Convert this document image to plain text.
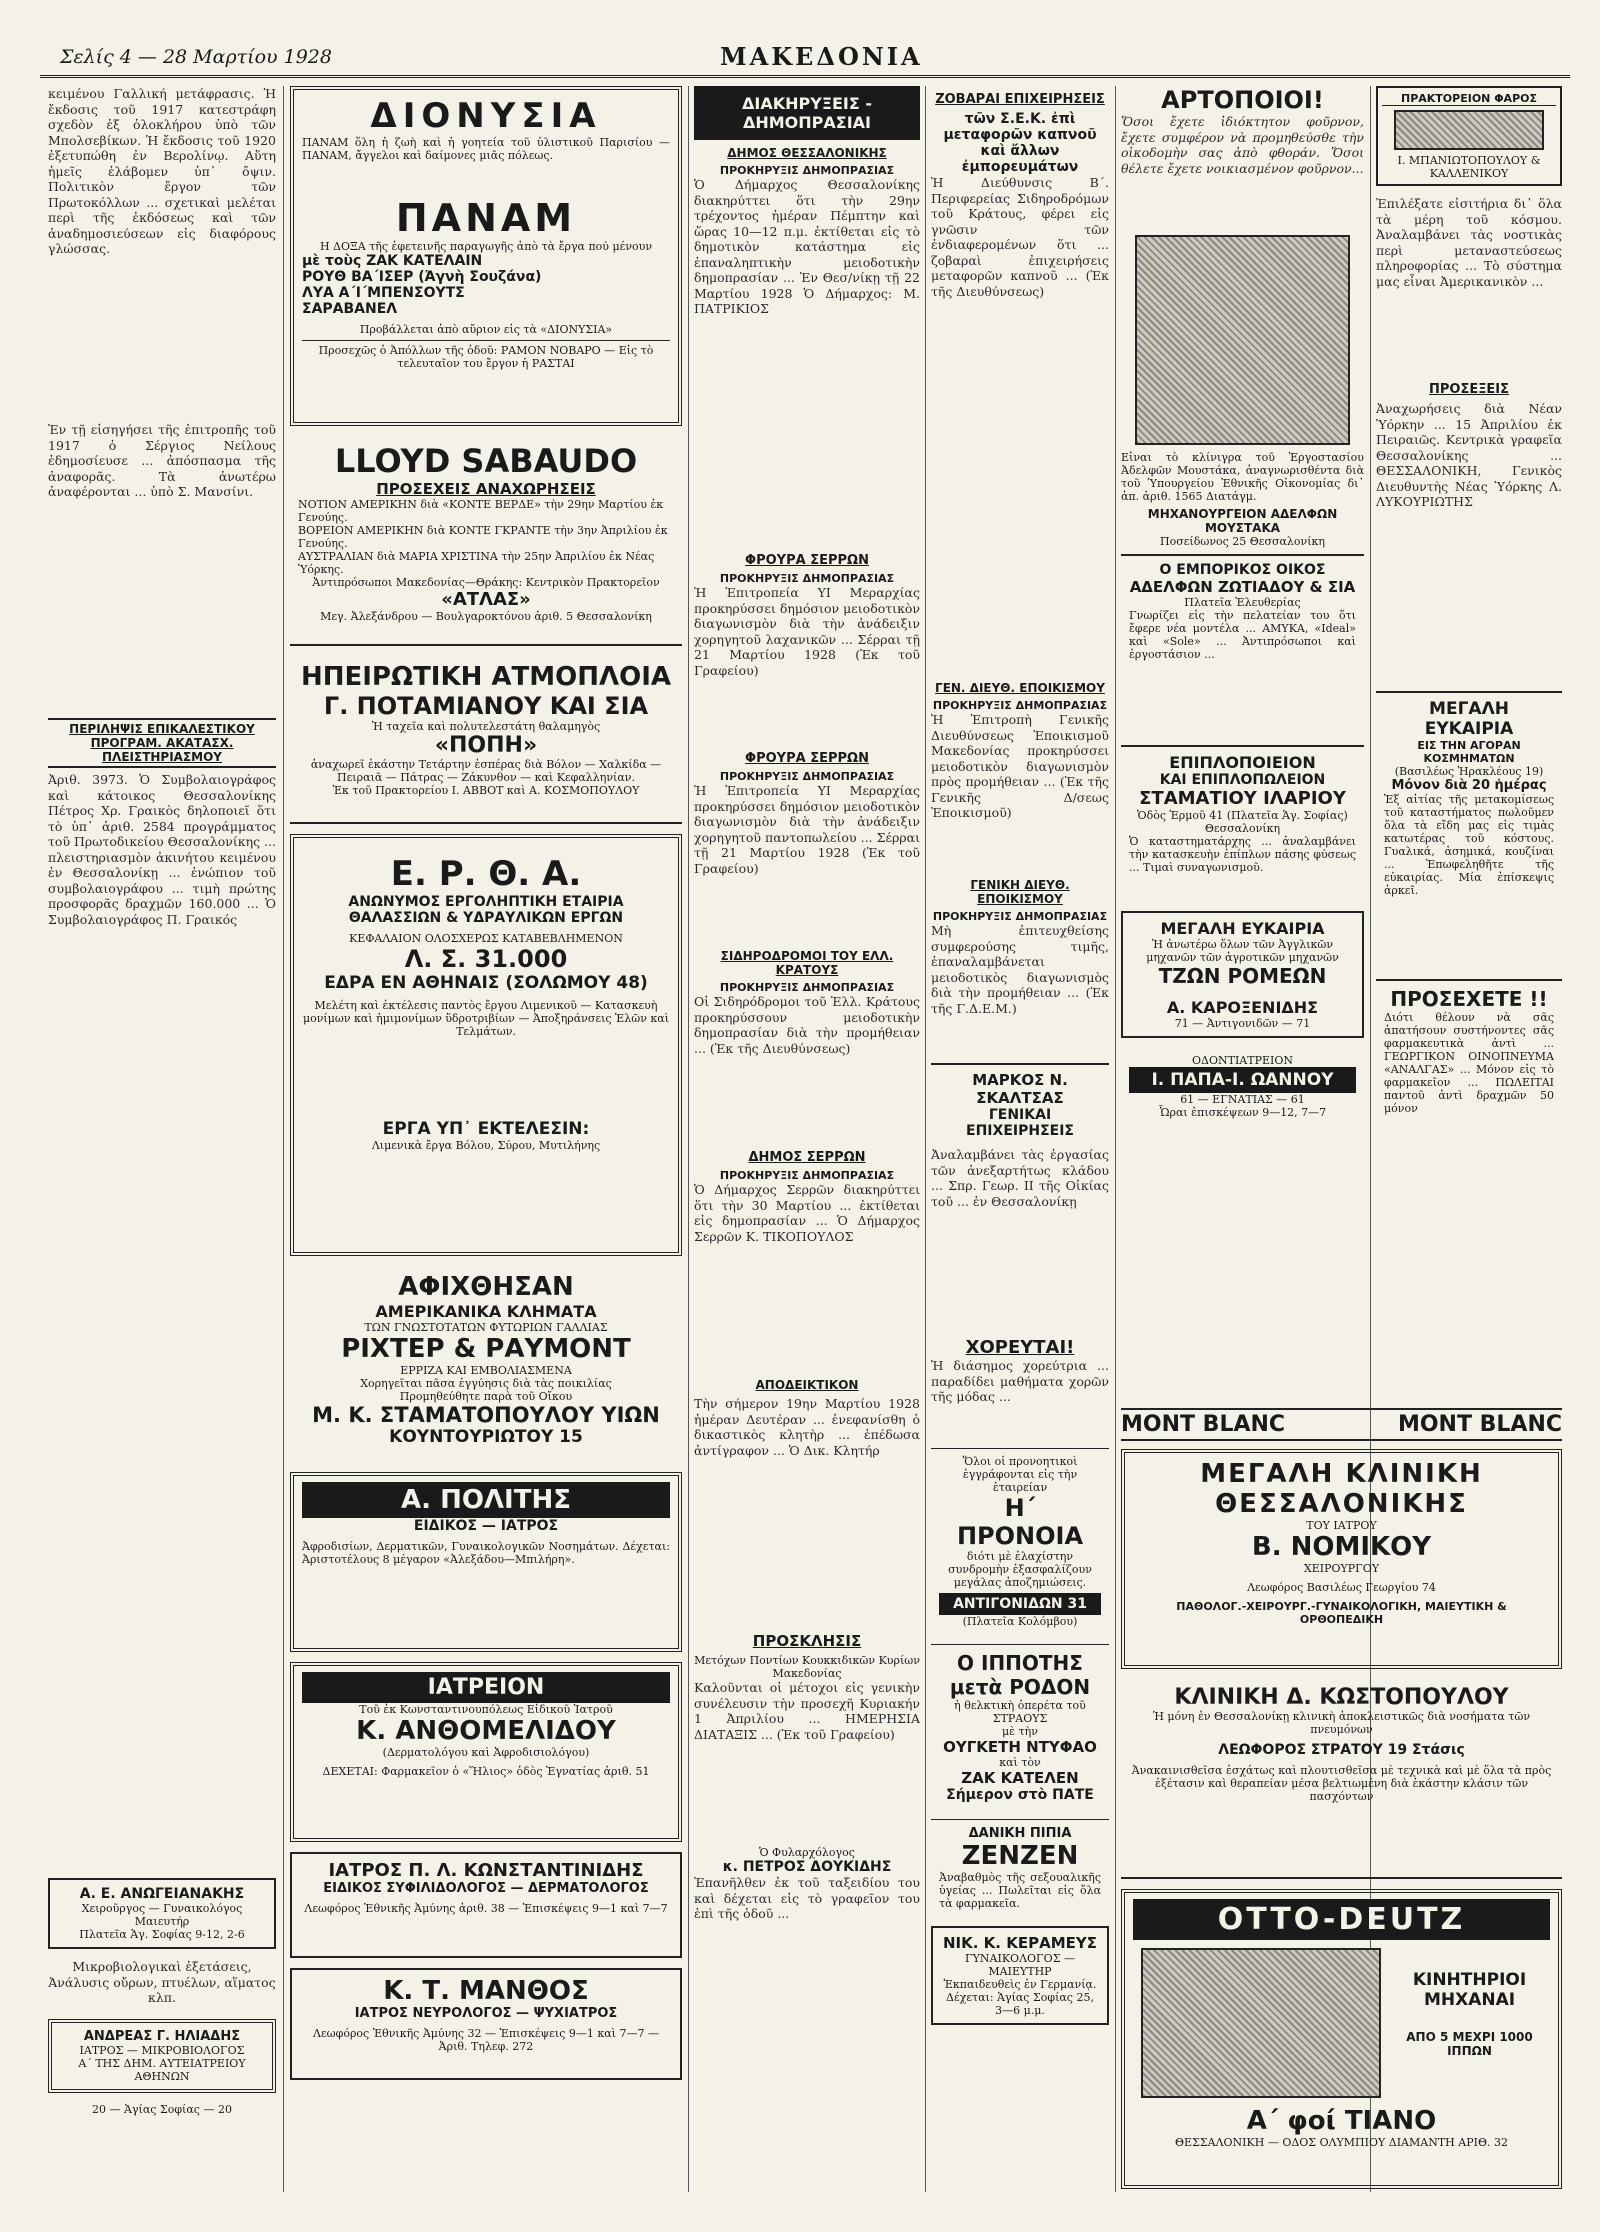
Σελίς 4 — 28 Μαρτίου 1928	ΜΑΚΕΔΟΝΙΑ
κειμένου Γαλλική μετάφρασις. Ἡ ἔκδοσις τοῦ 1917 κατεστράφη σχεδὸν ἐξ ὁλοκλήρου ὑπὸ τῶν Μπολσεβίκων. Ἡ ἔκδοσις τοῦ 1920 ἐξετυπώθη ἐν Βερολίνῳ. Αὕτη ἡμεῖς ἐλάβομεν ὑπ᾽ ὄψιν. Πολιτικὸν ἔργον τῶν Πρωτοκόλλων ... σχετικαὶ μελέται περὶ τῆς ἐκδόσεως καὶ τῶν ἀναδημοσιεύσεων εἰς διαφόρους γλώσσας.
Ἐν τῇ εἰσηγήσει τῆς ἐπιτροπῆς τοῦ 1917 ὁ Σέργιος Νείλους ἐδημοσίευσε ... ἀπόσπασμα τῆς ἀναφορᾶς. Τὰ ἀνωτέρω ἀναφέρονται ... ὑπὸ Σ. Μανσίνι.
ΠΕΡΙΛΗΨΙΣ ΕΠΙΚΑΛΕΣΤΙΚΟΥ ΠΡΟΓΡΑΜ. ΑΚΑΤΑΣΧ. ΠΛΕΙΣΤΗΡΙΑΣΜΟΥ
Ἀριθ. 3973. Ὁ Συμβολαιογράφος καὶ κάτοικος Θεσσαλονίκης Πέτρος Χρ. Γραικὸς δηλοποιεῖ ὅτι τὸ ὑπ᾽ ἀριθ. 2584 προγράμματος τοῦ Πρωτοδικείου Θεσσαλονίκης ... πλειστηριασμὸν ἀκινήτου κειμένου ἐν Θεσσαλονίκῃ ... ἐνώπιον τοῦ συμβολαιογράφου ... τιμὴ πρώτης προσφορᾶς δραχμῶν 160.000 ... Ὁ Συμβολαιογράφος Π. Γραικός
Α. Ε. ΑΝΩΓΕΙΑΝΑΚΗΣ
Χειροῦργος — Γυναικολόγος
Μαιευτήρ
Πλατεῖα Ἁγ. Σοφίας 9-12, 2-6
Μικροβιολογικαὶ ἐξετάσεις, Ἀνάλυσις οὔρων, πτυέλων, αἵματος κλπ.
ΑΝΔΡΕΑΣ Γ. ΗΛΙΑΔΗΣ
ΙΑΤΡΟΣ — ΜΙΚΡΟΒΙΟΛΟΓΟΣ
Α΄ ΤΗΣ ΔΗΜ. ΑΥΤΕΙΑΤΡΕΙΟΥ ΑΘΗΝΩΝ
20 — Ἁγίας Σοφίας — 20
ΔΙΟΝΥΣΙΑ
ΠΑΝΑΜ ὅλη ἡ ζωὴ καὶ ἡ γοητεία τοῦ ὑλιστικοῦ Παρισίου — ΠΑΝΑΜ, ἄγγελοι καὶ δαίμονες μιᾶς πόλεως.
ΠΑΝΑΜ
Η ΔΟΞΑ τῆς ἐφετεινῆς παραγωγῆς ἀπὸ τὰ ἔργα πού μένουν
μὲ τοὺς ΖΑΚ ΚΑΤΕΛΑΙΝ
ΡΟΥΘ ΒΑ΄ΙΣΕΡ (Ἀγνὴ Σουζάνα)
ΛΥΑ Α΄Ι΄ΜΠΕΝΣΟΥΤΣ
ΣΑΡΑΒΑΝΕΛ
Προβάλλεται ἀπὸ αὔριον εἰς τὰ «ΔΙΟΝΥΣΙΑ»
Προσεχῶς ὁ Ἀπόλλων τῆς ὁδοῦ: ΡΑΜΟΝ ΝΟΒΑΡΟ — Εἰς τὸ τελευταῖον του ἔργον ἡ ΡΑΣΤΑΙ
LLOYD SABAUDO
ΠΡΟΣΕΧΕΙΣ ΑΝΑΧΩΡΗΣΕΙΣ
ΝΟΤΙΟΝ ΑΜΕΡΙΚΗΝ διὰ «ΚΟΝΤΕ ΒΕΡΔΕ» τὴν 29ην Μαρτίου ἐκ Γενούης.
ΒΟΡΕΙΟΝ ΑΜΕΡΙΚΗΝ διὰ ΚΟΝΤΕ ΓΚΡΑΝΤΕ τὴν 3ην Ἀπριλίου ἐκ Γενούης.
ΑΥΣΤΡΑΛΙΑΝ διὰ ΜΑΡΙΑ ΧΡΙΣΤΙΝΑ τὴν 25ην Ἀπριλίου ἐκ Νέας Ὑόρκης.
Ἀντιπρόσωποι Μακεδονίας—Θράκης: Κεντρικὸν Πρακτορεῖον
«ΑΤΛΑΣ»
Μεγ. Ἀλεξάνδρου — Βουλγαροκτόνου ἀριθ. 5 Θεσσαλονίκη
ΗΠΕΙΡΩΤΙΚΗ ΑΤΜΟΠΛΟΙΑ
Γ. ΠΟΤΑΜΙΑΝΟΥ ΚΑΙ ΣΙΑ
Ἡ ταχεῖα καὶ πολυτελεστάτη θαλαμηγὸς
«ΠΟΠΗ»
ἀναχωρεῖ ἑκάστην Τετάρτην ἑσπέρας διὰ Βόλον — Χαλκίδα — Πειραιᾶ — Πάτρας — Ζάκυνθον — καὶ Κεφαλληνίαν.
Ἐκ τοῦ Πρακτορείου Ι. ΑΒΒΟΤ καὶ Α. ΚΟΣΜΟΠΟΥΛΟΥ
Ε. Ρ. Θ. Α.
ΑΝΩΝΥΜΟΣ ΕΡΓΟΛΗΠΤΙΚΗ ΕΤΑΙΡΙΑ
ΘΑΛΑΣΣΙΩΝ & ΥΔΡΑΥΛΙΚΩΝ ΕΡΓΩΝ
ΚΕΦΑΛΑΙΟΝ ΟΛΟΣΧΕΡΩΣ ΚΑΤΑΒΕΒΛΗΜΕΝΟΝ
Λ. Σ. 31.000
ΕΔΡΑ ΕΝ ΑΘΗΝΑΙΣ (ΣΟΛΩΜΟΥ 48)
Μελέτη καὶ ἐκτέλεσις παντὸς ἔργου Λιμενικοῦ — Κατασκευὴ μονίμων καὶ ἡμιμονίμων ὕδροτριβίων — Ἀποξηράνσεις Ἑλῶν καὶ Τελμάτων.
ΕΡΓΑ ΥΠ᾽ ΕΚΤΕΛΕΣΙΝ:
Λιμενικὰ ἔργα Βόλου, Σύρου, Μυτιλήνης
ΑΦΙΧΘΗΣΑΝ
ΑΜΕΡΙΚΑΝΙΚΑ ΚΛΗΜΑΤΑ
ΤΩΝ ΓΝΩΣΤΟΤΑΤΩΝ ΦΥΤΩΡΙΩΝ ΓΑΛΛΙΑΣ
ΡΙΧΤΕΡ & ΡΑΥΜΟΝΤ
ΕΡΡΙΖΑ ΚΑΙ ΕΜΒΟΛΙΑΣΜΕΝΑ
Χορηγεῖται πᾶσα ἐγγύησις διὰ τὰς ποικιλίας
Προμηθεύθητε παρὰ τοῦ Οἴκου
Μ. Κ. ΣΤΑΜΑΤΟΠΟΥΛΟΥ ΥΙΩΝ
ΚΟΥΝΤΟΥΡΙΩΤΟΥ 15
Α. ΠΟΛΙΤΗΣ
ΕΙΔΙΚΟΣ — ΙΑΤΡΟΣ
Ἀφροδισίων, Δερματικῶν, Γυναικολογικῶν Νοσημάτων. Δέχεται: Ἀριστοτέλους 8 μέγαρον «Ἀλεξάδου—Μπιλήρη».
ΙΑΤΡΕΙΟΝ
Τοῦ ἐκ Κωνσταντινουπόλεως Εἰδικοῦ Ἰατροῦ
Κ. ΑΝΘΟΜΕΛΙΔΟΥ
(Δερματολόγου καὶ Ἀφροδισιολόγου)
ΔΕΧΕΤΑΙ: Φαρμακεῖον ὁ «Ἥλιος» ὁδὸς Ἐγνατίας ἀριθ. 51
ΙΑΤΡΟΣ Π. Λ. ΚΩΝΣΤΑΝΤΙΝΙΔΗΣ
ΕΙΔΙΚΟΣ ΣΥΦΙΛΙΔΟΛΟΓΟΣ — ΔΕΡΜΑΤΟΛΟΓΟΣ
Λεωφόρος Ἐθνικῆς Ἀμύνης ἀριθ. 38 — Ἐπισκέψεις 9—1 καὶ 7—7
Κ. Τ. ΜΑΝΘΟΣ
ΙΑΤΡΟΣ ΝΕΥΡΟΛΟΓΟΣ — ΨΥΧΙΑΤΡΟΣ
Λεωφόρος Ἐθνικῆς Ἀμύνης 32 — Ἐπισκέψεις 9—1 καὶ 7—7 — Ἀριθ. Τηλεφ. 272
ΔΙΑΚΗΡΥΞΕΙΣ - ΔΗΜΟΠΡΑΣΙΑΙ
ΔΗΜΟΣ ΘΕΣΣΑΛΟΝΙΚΗΣ
ΠΡΟΚΗΡΥΞΙΣ ΔΗΜΟΠΡΑΣΙΑΣ
Ὁ Δήμαρχος Θεσσαλονίκης διακηρύττει ὅτι τὴν 29ην τρέχοντος ἡμέραν Πέμπτην καὶ ὥρας 10—12 π.μ. ἐκτίθεται εἰς τὸ δημοτικὸν κατάστημα εἰς ἐπαναληπτικὴν μειοδοτικὴν δημοπρασίαν ... Ἐν Θεσ/νίκῃ τῇ 22 Μαρτίου 1928 Ὁ Δήμαρχος: Μ. ΠΑΤΡΙΚΙΟΣ
ΦΡΟΥΡΑ ΣΕΡΡΩΝ
ΠΡΟΚΗΡΥΞΙΣ ΔΗΜΟΠΡΑΣΙΑΣ
Ἡ Ἐπιτροπεία ΥΙ Μεραρχίας προκηρύσσει δημόσιον μειοδοτικὸν διαγωνισμὸν διὰ τὴν ἀνάδειξιν χορηγητοῦ λαχανικῶν ... Σέρραι τῇ 21 Μαρτίου 1928 (Ἐκ τοῦ Γραφείου)
ΦΡΟΥΡΑ ΣΕΡΡΩΝ
ΠΡΟΚΗΡΥΞΙΣ ΔΗΜΟΠΡΑΣΙΑΣ
Ἡ Ἐπιτροπεία ΥΙ Μεραρχίας προκηρύσσει δημόσιον μειοδοτικὸν διαγωνισμὸν διὰ τὴν ἀνάδειξιν χορηγητοῦ παντοπωλείου ... Σέρραι τῇ 21 Μαρτίου 1928 (Ἐκ τοῦ Γραφείου)
ΣΙΔΗΡΟΔΡΟΜΟΙ ΤΟΥ ΕΛΛ. ΚΡΑΤΟΥΣ
ΠΡΟΚΗΡΥΞΙΣ ΔΗΜΟΠΡΑΣΙΑΣ
Οἱ Σιδηρόδρομοι τοῦ Ἑλλ. Κράτους προκηρύσσουν μειοδοτικὴν δημοπρασίαν διὰ τὴν προμήθειαν ... (Ἐκ τῆς Διευθύνσεως)
ΔΗΜΟΣ ΣΕΡΡΩΝ
ΠΡΟΚΗΡΥΞΙΣ ΔΗΜΟΠΡΑΣΙΑΣ
Ὁ Δήμαρχος Σερρῶν διακηρύττει ὅτι τὴν 30 Μαρτίου ... ἐκτίθεται εἰς δημοπρασίαν ... Ὁ Δήμαρχος Σερρῶν Κ. ΤΙΚΟΠΟΥΛΟΣ
ΑΠΟΔΕΙΚΤΙΚΟΝ
Τὴν σήμερον 19ην Μαρτίου 1928 ἡμέραν Δευτέραν ... ἐνεφανίσθη ὁ δικαστικὸς κλητὴρ ... ἐπέδωσα ἀντίγραφον ... Ὁ Δικ. Κλητήρ
ΠΡΟΣΚΛΗΣΙΣ
Μετόχων Ποντίων Κουκκιδικῶν Κυρίων Μακεδονίας
Καλοῦνται οἱ μέτοχοι εἰς γενικὴν συνέλευσιν τὴν προσεχῆ Κυριακήν 1 Ἀπριλίου ... ΗΜΕΡΗΣΙΑ ΔΙΑΤΑΞΙΣ ... (Ἐκ τοῦ Γραφείου)
Ὁ Φυλαρχόλογος
κ. ΠΕΤΡΟΣ ΔΟΥΚΙΔΗΣ
Ἐπανῆλθεν ἐκ τοῦ ταξειδίου του καὶ δέχεται εἰς τὸ γραφεῖον του ἐπὶ τῆς ὁδοῦ ...
ΖΟΒΑΡΑΙ ΕΠΙΧΕΙΡΗΣΕΙΣ
τῶν Σ.Ε.Κ. ἐπὶ μεταφορῶν καπνοῦ καὶ ἄλλων ἐμπορευμάτων
Ἡ Διεύθυνσις Β΄. Περιφερείας Σιδηροδρόμων τοῦ Κράτους, φέρει εἰς γνῶσιν τῶν ἐνδιαφερομένων ὅτι ... ζοβαραὶ ἐπιχειρήσεις μεταφορῶν καπνοῦ ... (Ἐκ τῆς Διευθύνσεως)
ΓΕΝ. ΔΙΕΥΘ. ΕΠΟΙΚΙΣΜΟΥ
ΠΡΟΚΗΡΥΞΙΣ ΔΗΜΟΠΡΑΣΙΑΣ
Ἡ Ἐπιτροπὴ Γενικῆς Διευθύνσεως Ἐποικισμοῦ Μακεδονίας προκηρύσσει μειοδοτικὸν διαγωνισμὸν πρὸς προμήθειαν ... (Ἐκ τῆς Γενικῆς Δ/σεως Ἐποικισμοῦ)
ΓΕΝΙΚΗ ΔΙΕΥΘ. ΕΠΟΙΚΙΣΜΟΥ
ΠΡΟΚΗΡΥΞΙΣ ΔΗΜΟΠΡΑΣΙΑΣ
Μὴ ἐπιτευχθείσης συμφερούσης τιμῆς, ἐπαναλαμβάνεται μειοδοτικὸς διαγωνισμὸς διὰ τὴν προμήθειαν ... (Ἐκ τῆς Γ.Δ.Ε.Μ.)
ΜΑΡΚΟΣ Ν. ΣΚΑΛΤΣΑΣ
ΓΕΝΙΚΑΙ ΕΠΙΧΕΙΡΗΣΕΙΣ
Ἀναλαμβάνει τὰς ἐργασίας τῶν ἀνεξαρτήτως κλάδου ... Σπρ. Γεωρ. ΙΙ τῆς Οἰκίας τοῦ ... ἐν Θεσσαλονίκῃ
ΧΟΡΕΥΤΑΙ!
Ἡ διάσημος χορεύτρια ... παραδίδει μαθήματα χορῶν τῆς μόδας ...
Ὅλοι οἱ προνοητικοὶ ἐγγράφονται εἰς τὴν ἑταιρείαν
Η΄ ΠΡΟΝΟΙΑ
διότι μὲ ἐλαχίστην συνδρομὴν ἐξασφαλίζουν μεγάλας ἀποζημιώσεις.
ΑΝΤΙΓΟΝΙΔΩΝ 31
(Πλατεῖα Κολόμβου)
Ο ΙΠΠΟΤΗΣ μετὰ ΡΟΔΟΝ
ἡ θελκτικὴ ὀπερέτα τοῦ ΣΤΡΑΟΥΣ
μὲ τὴν
ΟΥΓΚΕΤΗ ΝΤΥΦΑΟ
καὶ τὸν
ΖΑΚ ΚΑΤΕΛΕΝ
Σήμερον στὸ ΠΑΤΕ
ΔΑΝΙΚΗ ΠΙΠΙΑ
ΖΕΝΖΕΝ
Ἀναβαθμὸς τῆς σεξουαλικῆς ὑγείας ... Πωλεῖται εἰς ὅλα τὰ φαρμακεῖα.
ΝΙΚ. Κ. ΚΕΡΑΜΕΥΣ
ΓΥΝΑΙΚΟΛΟΓΟΣ — ΜΑΙΕΥΤΗΡ
Ἐκπαιδευθεὶς ἐν Γερμανίᾳ. Δέχεται: Ἁγίας Σοφίας 25, 3—6 μ.μ.
ΑΡΤΟΠΟΙΟΙ!
Ὅσοι ἔχετε ἰδιόκτητον φοῦρνον, ἔχετε συμφέρον νὰ προμηθεύσθε τὴν οἰκοδομὴν σας ἀπὸ φθοράν. Ὅσοι θέλετε ἔχετε νοικιασμένον φοῦρνον...
Εἶναι τὸ κλίνιγρα τοῦ Ἐργοστασίου Ἀδελφῶν Μουστάκα, ἀναγνωρισθέντα διὰ τοῦ Ὑπουργείου Ἐθνικῆς Οἰκονομίας δι᾽ ἀπ. ἀριθ. 1565 Διατάγμ.
ΜΗΧΑΝΟΥΡΓΕΙΟΝ ΑΔΕΛΦΩΝ ΜΟΥΣΤΑΚΑ
Ποσείδωνος 25 Θεσσαλονίκη
Ο ΕΜΠΟΡΙΚΟΣ ΟΙΚΟΣ
ΑΔΕΛΦΩΝ ΖΩΤΙΑΔΟΥ & ΣΙΑ
Πλατεῖα Ἐλευθερίας
Γνωρίζει εἰς τὴν πελατείαν του ὅτι ἔφερε νέα μοντέλα ... ΑΜΥΚΑ, «Ideal» καὶ «Sole» ... Ἀντιπρόσωποι καὶ ἐργοστάσιον ...
ΕΠΙΠΛΟΠΟΙΕΙΟΝ
ΚΑΙ ΕΠΙΠΛΟΠΩΛΕΙΟΝ
ΣΤΑΜΑΤΙΟΥ ΙΛΑΡΙΟΥ
Ὁδὸς Ἑρμοῦ 41 (Πλατεῖα Ἁγ. Σοφίας) Θεσσαλονίκη
Ὁ καταστηματάρχης ... ἀναλαμβάνει τὴν κατασκευὴν ἐπίπλων πάσης φύσεως ... Τιμαὶ συναγωνισμοῦ.
ΜΕΓΑΛΗ ΕΥΚΑΙΡΙΑ
Ἡ ἀνωτέρω ὅλων τῶν Ἀγγλικῶν μηχανῶν τῶν ἀγροτικῶν μηχανῶν
ΤΖΩΝ ΡΟΜΕΩΝ
Α. ΚΑΡΟΞΕΝΙΔΗΣ
71 — Ἀντιγονιδῶν — 71
ΟΔΟΝΤΙΑΤΡΕΙΟΝ
Ι. ΠΑΠΑ-Ι. ΩΑΝΝΟΥ
61 — ΕΓΝΑΤΙΑΣ — 61
Ὧραι ἐπισκέψεων 9—12, 7—7
ΠΡΑΚΤΟΡΕΙΟΝ ΦΑΡΟΣ
Ι. ΜΠΑΝΙΩΤΟΠΟΥΛΟΥ & ΚΑΛΛΕΝΙΚΟΥ
Ἐπιλέξατε εἰσιτήρια δι᾽ ὅλα τὰ μέρη τοῦ κόσμου. Ἀναλαμβάνει τὰς νοστικὰς περὶ μεταναστεύσεως πληροφορίας ... Τὸ σύστημα μας εἶναι Ἀμερικανικὸν ...
ΠΡΟΣΕΞΕΙΣ
Ἀναχωρήσεις διὰ Νέαν Ὑόρκην ... 15 Ἀπριλίου ἐκ Πειραιῶς. Κεντρικὰ γραφεῖα Θεσσαλονίκης ... ΘΕΣΣΑΛΟΝΙΚΗ, Γενικὸς Διευθυντὴς Νέας Ὑόρκης Λ. ΛΥΚΟΥΡΙΩΤΗΣ
ΜΕΓΑΛΗ ΕΥΚΑΙΡΙΑ
ΕΙΣ ΤΗΝ ΑΓΟΡΑΝ ΚΟΣΜΗΜΑΤΩΝ
(Βασιλέως Ἡρακλέους 19)
Μόνον διὰ 20 ἡμέρας
Ἐξ αἰτίας τῆς μετακομίσεως τοῦ καταστήματος πωλοῦμεν ὅλα τὰ εἴδη μας εἰς τιμὰς κατωτέρας τοῦ κόστους. Γυαλικά, ἀσημικά, κουζίναι ... Ἐπωφεληθῆτε τῆς εὐκαιρίας. Μία ἐπίσκεψις ἀρκεῖ.
ΠΡΟΣΕΧΕΤΕ !!
Διότι θέλουν νὰ σᾶς ἀπατήσουν συστήνοντες σᾶς φαρμακευτικὰ ἀντὶ ... ΓΕΩΡΓΙΚΟΝ ΟΙΝΟΠΝΕΥΜΑ «ΑΝΑΛΓΑΣ» ... Μόνον εἰς τὸ φαρμακεῖον ... ΠΩΛΕΙΤΑΙ παντοῦ ἀντὶ δραχμῶν 50 μόνον
MONT BLANC	MONT BLANC
ΜΕΓΑΛΗ ΚΛΙΝΙΚΗ ΘΕΣΣΑΛΟΝΙΚΗΣ
ΤΟΥ ΙΑΤΡΟΥ
Β. ΝΟΜΙΚΟΥ
ΧΕΙΡΟΥΡΓΟΥ
Λεωφόρος Βασιλέως Γεωργίου 74
ΠΑΘΟΛΟΓ.-ΧΕΙΡΟΥΡΓ.-ΓΥΝΑΙΚΟΛΟΓΙΚΗ, ΜΑΙΕΥΤΙΚΗ & ΟΡΘΟΠΕΔΙΚΗ
ΚΛΙΝΙΚΗ Δ. ΚΩΣΤΟΠΟΥΛΟΥ
Ἡ μόνη ἐν Θεσσαλονίκῃ κλινικὴ ἀποκλειστικῶς διὰ νοσήματα τῶν πνευμόνων
ΛΕΩΦΟΡΟΣ ΣΤΡΑΤΟΥ 19 Στάσις
Ἀνακαινισθεῖσα ἐσχάτως καὶ πλουτισθεῖσα μὲ τεχνικὰ καὶ μὲ ὅλα τὰ πρὸς ἐξέτασιν καὶ θεραπείαν μέσα βελτιωμένη διὰ ἑκάστην κλάσιν τῶν πασχόντων
OTTO-DEUTZ
ΚΙΝΗΤΗΡΙΟΙ ΜΗΧΑΝΑΙ
ΑΠΟ 5 ΜΕΧΡΙ 1000 ΙΠΠΩΝ
Α΄ φοί ΤΙΑΝΟ
ΘΕΣΣΑΛΟΝΙΚΗ — ΟΔΟΣ ΟΛΥΜΠΙΟΥ ΔΙΑΜΑΝΤΗ ΑΡΙΘ. 32
